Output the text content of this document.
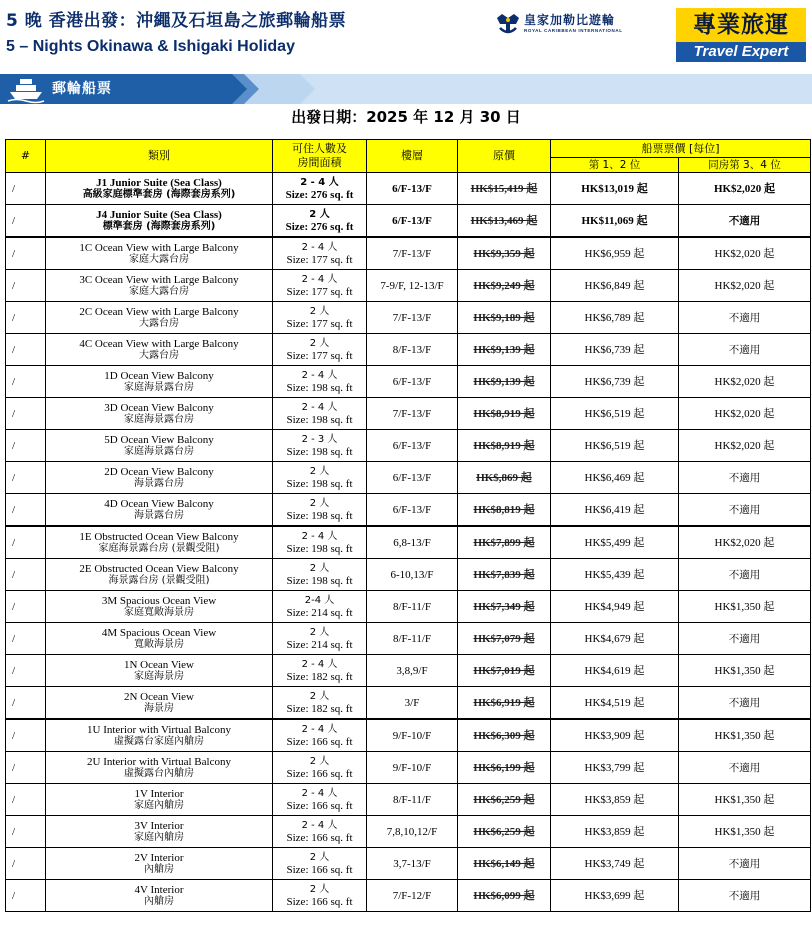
5 晚 香港出發：沖繩及石垣島之旅郵輪船票
5 – Nights Okinawa & Ishigaki Holiday
皇家加勒比遊輪
ROYAL CARIBBEAN INTERNATIONAL	專業旅運
Travel Expert
郵輪船票
出發日期：2025 年 12 月 30 日
#	類別	可住人數及
房間面積	樓層	原價	船票票價 [每位]	
					第 1、2 位	同房第 3、4 位
/	J1 Junior Suite (Sea Class)
高級家庭標準套房 (海際套房系列)	2 - 4 人
Size: 276 sq. ft	6/F-13/F	HK$15,419 起	HK$13,019 起	HK$2,020 起
/	J4 Junior Suite (Sea Class)
標準套房 (海際套房系列)	2 人
Size: 276 sq. ft	6/F-13/F	HK$13,469 起	HK$11,069 起	不適用
/	1C Ocean View with Large Balcony
家庭大露台房	2 - 4 人
Size: 177 sq. ft	7/F-13/F	HK$9,359 起	HK$6,959 起	HK$2,020 起
/	3C Ocean View with Large Balcony
家庭大露台房	2 - 4 人
Size: 177 sq. ft	7-9/F, 12-13/F	HK$9,249 起	HK$6,849 起	HK$2,020 起
/	2C Ocean View with Large Balcony
大露台房	2 人
Size: 177 sq. ft	7/F-13/F	HK$9,189 起	HK$6,789 起	不適用
/	4C Ocean View with Large Balcony
大露台房	2 人
Size: 177 sq. ft	8/F-13/F	HK$9,139 起	HK$6,739 起	不適用
/	1D Ocean View Balcony
家庭海景露台房	2 - 4 人
Size: 198 sq. ft	6/F-13/F	HK$9,139 起	HK$6,739 起	HK$2,020 起
/	3D Ocean View Balcony
家庭海景露台房	2 - 4 人
Size: 198 sq. ft	7/F-13/F	HK$8,919 起	HK$6,519 起	HK$2,020 起
/	5D Ocean View Balcony
家庭海景露台房	2 - 3 人
Size: 198 sq. ft	6/F-13/F	HK$8,919 起	HK$6,519 起	HK$2,020 起
/	2D Ocean View Balcony
海景露台房	2 人
Size: 198 sq. ft	6/F-13/F	HK$,869 起	HK$6,469 起	不適用
/	4D Ocean View Balcony
海景露台房	2 人
Size: 198 sq. ft	6/F-13/F	HK$8,819 起	HK$6,419 起	不適用
/	1E Obstructed Ocean View Balcony
家庭海景露台房 (景觀受阻)	2 - 4 人
Size: 198 sq. ft	6,8-13/F	HK$7,899 起	HK$5,499 起	HK$2,020 起
/	2E Obstructed Ocean View Balcony
海景露台房 (景觀受阻)	2 人
Size: 198 sq. ft	6-10,13/F	HK$7,839 起	HK$5,439 起	不適用
/	3M Spacious Ocean View
家庭寬敞海景房	2-4 人
Size: 214 sq. ft	8/F-11/F	HK$7,349 起	HK$4,949 起	HK$1,350 起
/	4M Spacious Ocean View
寬敞海景房	2 人
Size: 214 sq. ft	8/F-11/F	HK$7,079 起	HK$4,679 起	不適用
/	1N Ocean View
家庭海景房	2 - 4 人
Size: 182 sq. ft	3,8,9/F	HK$7,019 起	HK$4,619 起	HK$1,350 起
/	2N Ocean View
海景房	2 人
Size: 182 sq. ft	3/F	HK$6,919 起	HK$4,519 起	不適用
/	1U Interior with Virtual Balcony
虛擬露台家庭內艙房	2 - 4 人
Size: 166 sq. ft	9/F-10/F	HK$6,309 起	HK$3,909 起	HK$1,350 起
/	2U Interior with Virtual Balcony
虛擬露台內艙房	2 人
Size: 166 sq. ft	9/F-10/F	HK$6,199 起	HK$3,799 起	不適用
/	1V Interior
家庭內艙房	2 - 4 人
Size: 166 sq. ft	8/F-11/F	HK$6,259 起	HK$3,859 起	HK$1,350 起
/	3V Interior
家庭內艙房	2 - 4 人
Size: 166 sq. ft	7,8,10,12/F	HK$6,259 起	HK$3,859 起	HK$1,350 起
/	2V Interior
內艙房	2 人
Size: 166 sq. ft	3,7-13/F	HK$6,149 起	HK$3,749 起	不適用
/	4V Interior
內艙房	2 人
Size: 166 sq. ft	7/F-12/F	HK$6,099 起	HK$3,699 起	不適用
